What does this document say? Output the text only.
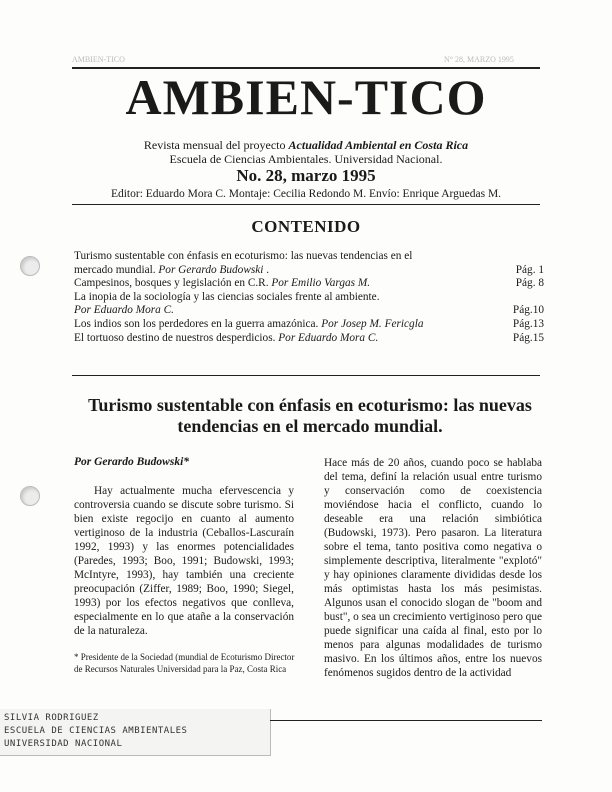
AMBIEN-TICO	N° 28, MARZO 1995
AMBIEN-TICO
Revista mensual del proyecto Actualidad Ambiental en Costa Rica
Escuela de Ciencias Ambientales. Universidad Nacional.
No. 28, marzo 1995
Editor: Eduardo Mora C. Montaje: Cecilia Redondo M. Envío: Enrique Arguedas M.
CONTENIDO
Turismo sustentable con énfasis en ecoturismo: las nuevas tendencias en el
mercado mundial. Por Gerardo Budowski .	Pág. 1
Campesinos, bosques y legislación en C.R. Por Emilio Vargas M.	Pág. 8
La inopia de la sociología y las ciencias sociales frente al ambiente.
Por Eduardo Mora C.	Pág.10
Los indios son los perdedores en la guerra amazónica. Por Josep M. Fericgla	Pág.13
El tortuoso destino de nuestros desperdicios. Por Eduardo Mora C.	Pág.15
Turismo sustentable con énfasis en ecoturismo: las nuevas
tendencias en el mercado mundial.
Por Gerardo Budowski*

Hay actualmente mucha efervescencia y controversia cuando se discute sobre turismo. Si bien existe regocijo en cuanto al aumento vertiginoso de la industria (Ceballos-Lascuraín 1992, 1993) y las enormes potencialidades (Paredes, 1993; Boo, 1991; Budowski, 1993; McIntyre, 1993), hay también una creciente preocupación (Ziffer, 1989; Boo, 1990; Siegel, 1993) por los efectos negativos que conlleva, especialmente en lo que atañe a la conservación de la naturaleza.

* Presidente de la Sociedad (mundial de Ecoturismo Director de Recursos Naturales Universidad para la Paz, Costa Rica

Hace más de 20 años, cuando poco se hablaba del tema, definí la relación usual entre turismo y conservación como de coexistencia moviéndose hacia el conflicto, cuando lo deseable era una relación simbiótica (Budowski, 1973). Pero pasaron. La literatura sobre el tema, tanto positiva como negativa o simplemente descriptiva, literalmente "explotó" y hay opiniones claramente divididas desde los más optimistas hasta los más pesimistas. Algunos usan el conocido slogan de "boom and bust", o sea un crecimiento vertiginoso pero que puede significar una caída al final, esto por lo menos para algunas modalidades de turismo masivo. En los últimos años, entre los nuevos fenómenos sugidos dentro de la actividad

SILVIA RODRIGUEZ
ESCUELA DE CIENCIAS AMBIENTALES
UNIVERSIDAD NACIONAL
